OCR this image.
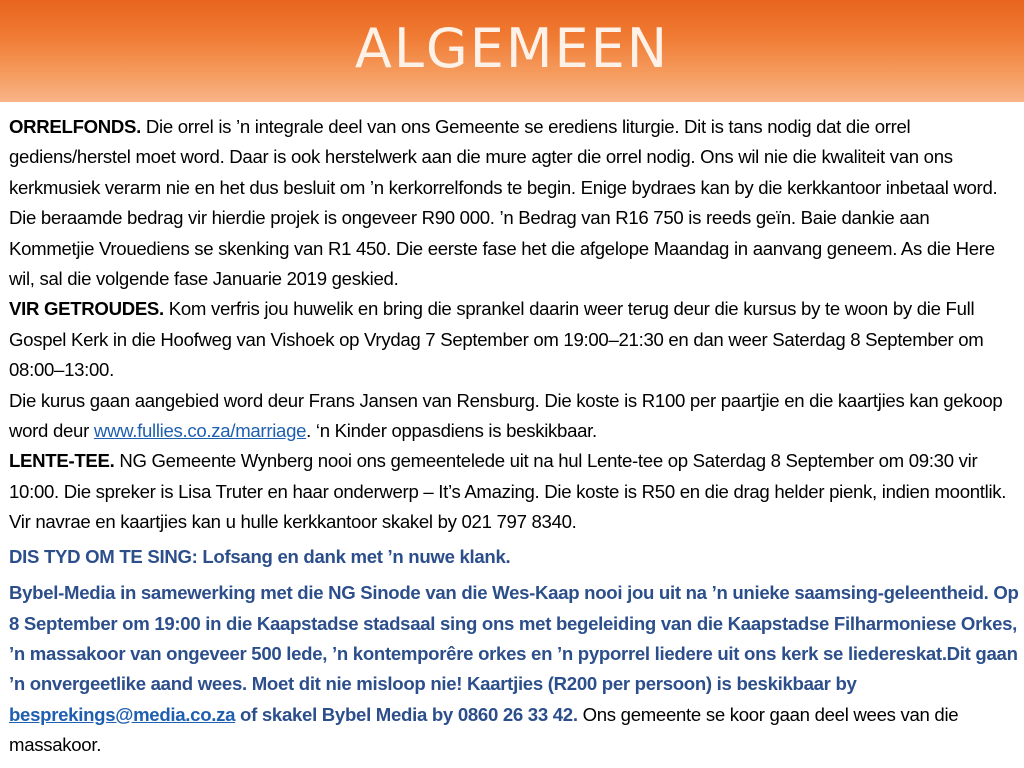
ALGEMEEN

ORRELFONDS. Die orrel is ’n integrale deel van ons Gemeente se erediens liturgie. Dit is tans nodig dat die orrel gediens/herstel moet word. Daar is ook herstelwerk aan die mure agter die orrel nodig. Ons wil nie die kwaliteit van ons kerkmusiek verarm nie en het dus besluit om ’n kerkorrelfonds te begin. Enige bydraes kan by die kerkkantoor inbetaal word. Die beraamde bedrag vir hierdie projek is ongeveer R90 000. ’n Bedrag van R16 750 is reeds geïn. Baie dankie aan Kommetjie Vrouediens se skenking van R1 450. Die eerste fase het die afgelope Maandag in aanvang geneem. As die Here wil, sal die volgende fase Januarie 2019 geskied.

VIR GETROUDES. Kom verfris jou huwelik en bring die sprankel daarin weer terug deur die kursus by te woon by die Full Gospel Kerk in die Hoofweg van Vishoek op Vrydag 7 September om 19:00–21:30 en dan weer Saterdag 8 September om 08:00–13:00.

Die kurus gaan aangebied word deur Frans Jansen van Rensburg. Die koste is R100 per paartjie en die kaartjies kan gekoop word deur www.fullies.co.za/marriage. ‘n Kinder oppasdiens is beskikbaar.

LENTE-TEE. NG Gemeente Wynberg nooi ons gemeentelede uit na hul Lente-tee op Saterdag 8 September om 09:30 vir 10:00. Die spreker is Lisa Truter en haar onderwerp – It’s Amazing. Die koste is R50 en die drag helder pienk, indien moontlik. Vir navrae en kaartjies kan u hulle kerkkantoor skakel by 021 797 8340.

DIS TYD OM TE SING: Lofsang en dank met ’n nuwe klank.

Bybel-Media in samewerking met die NG Sinode van die Wes-Kaap nooi jou uit na ’n unieke saamsing-geleentheid. Op 8 September om 19:00 in die Kaapstadse stadsaal sing ons met begeleiding van die Kaapstadse Filharmoniese Orkes, ’n massakoor van ongeveer 500 lede, ’n kontemporêre orkes en ’n pyporrel liedere uit ons kerk se liedereskat.Dit gaan ’n onvergeetlike aand wees. Moet dit nie misloop nie! Kaartjies (R200 per persoon) is beskikbaar by besprekings@media.co.za of skakel Bybel Media by 0860 26 33 42. Ons gemeente se koor gaan deel wees van die massakoor.
